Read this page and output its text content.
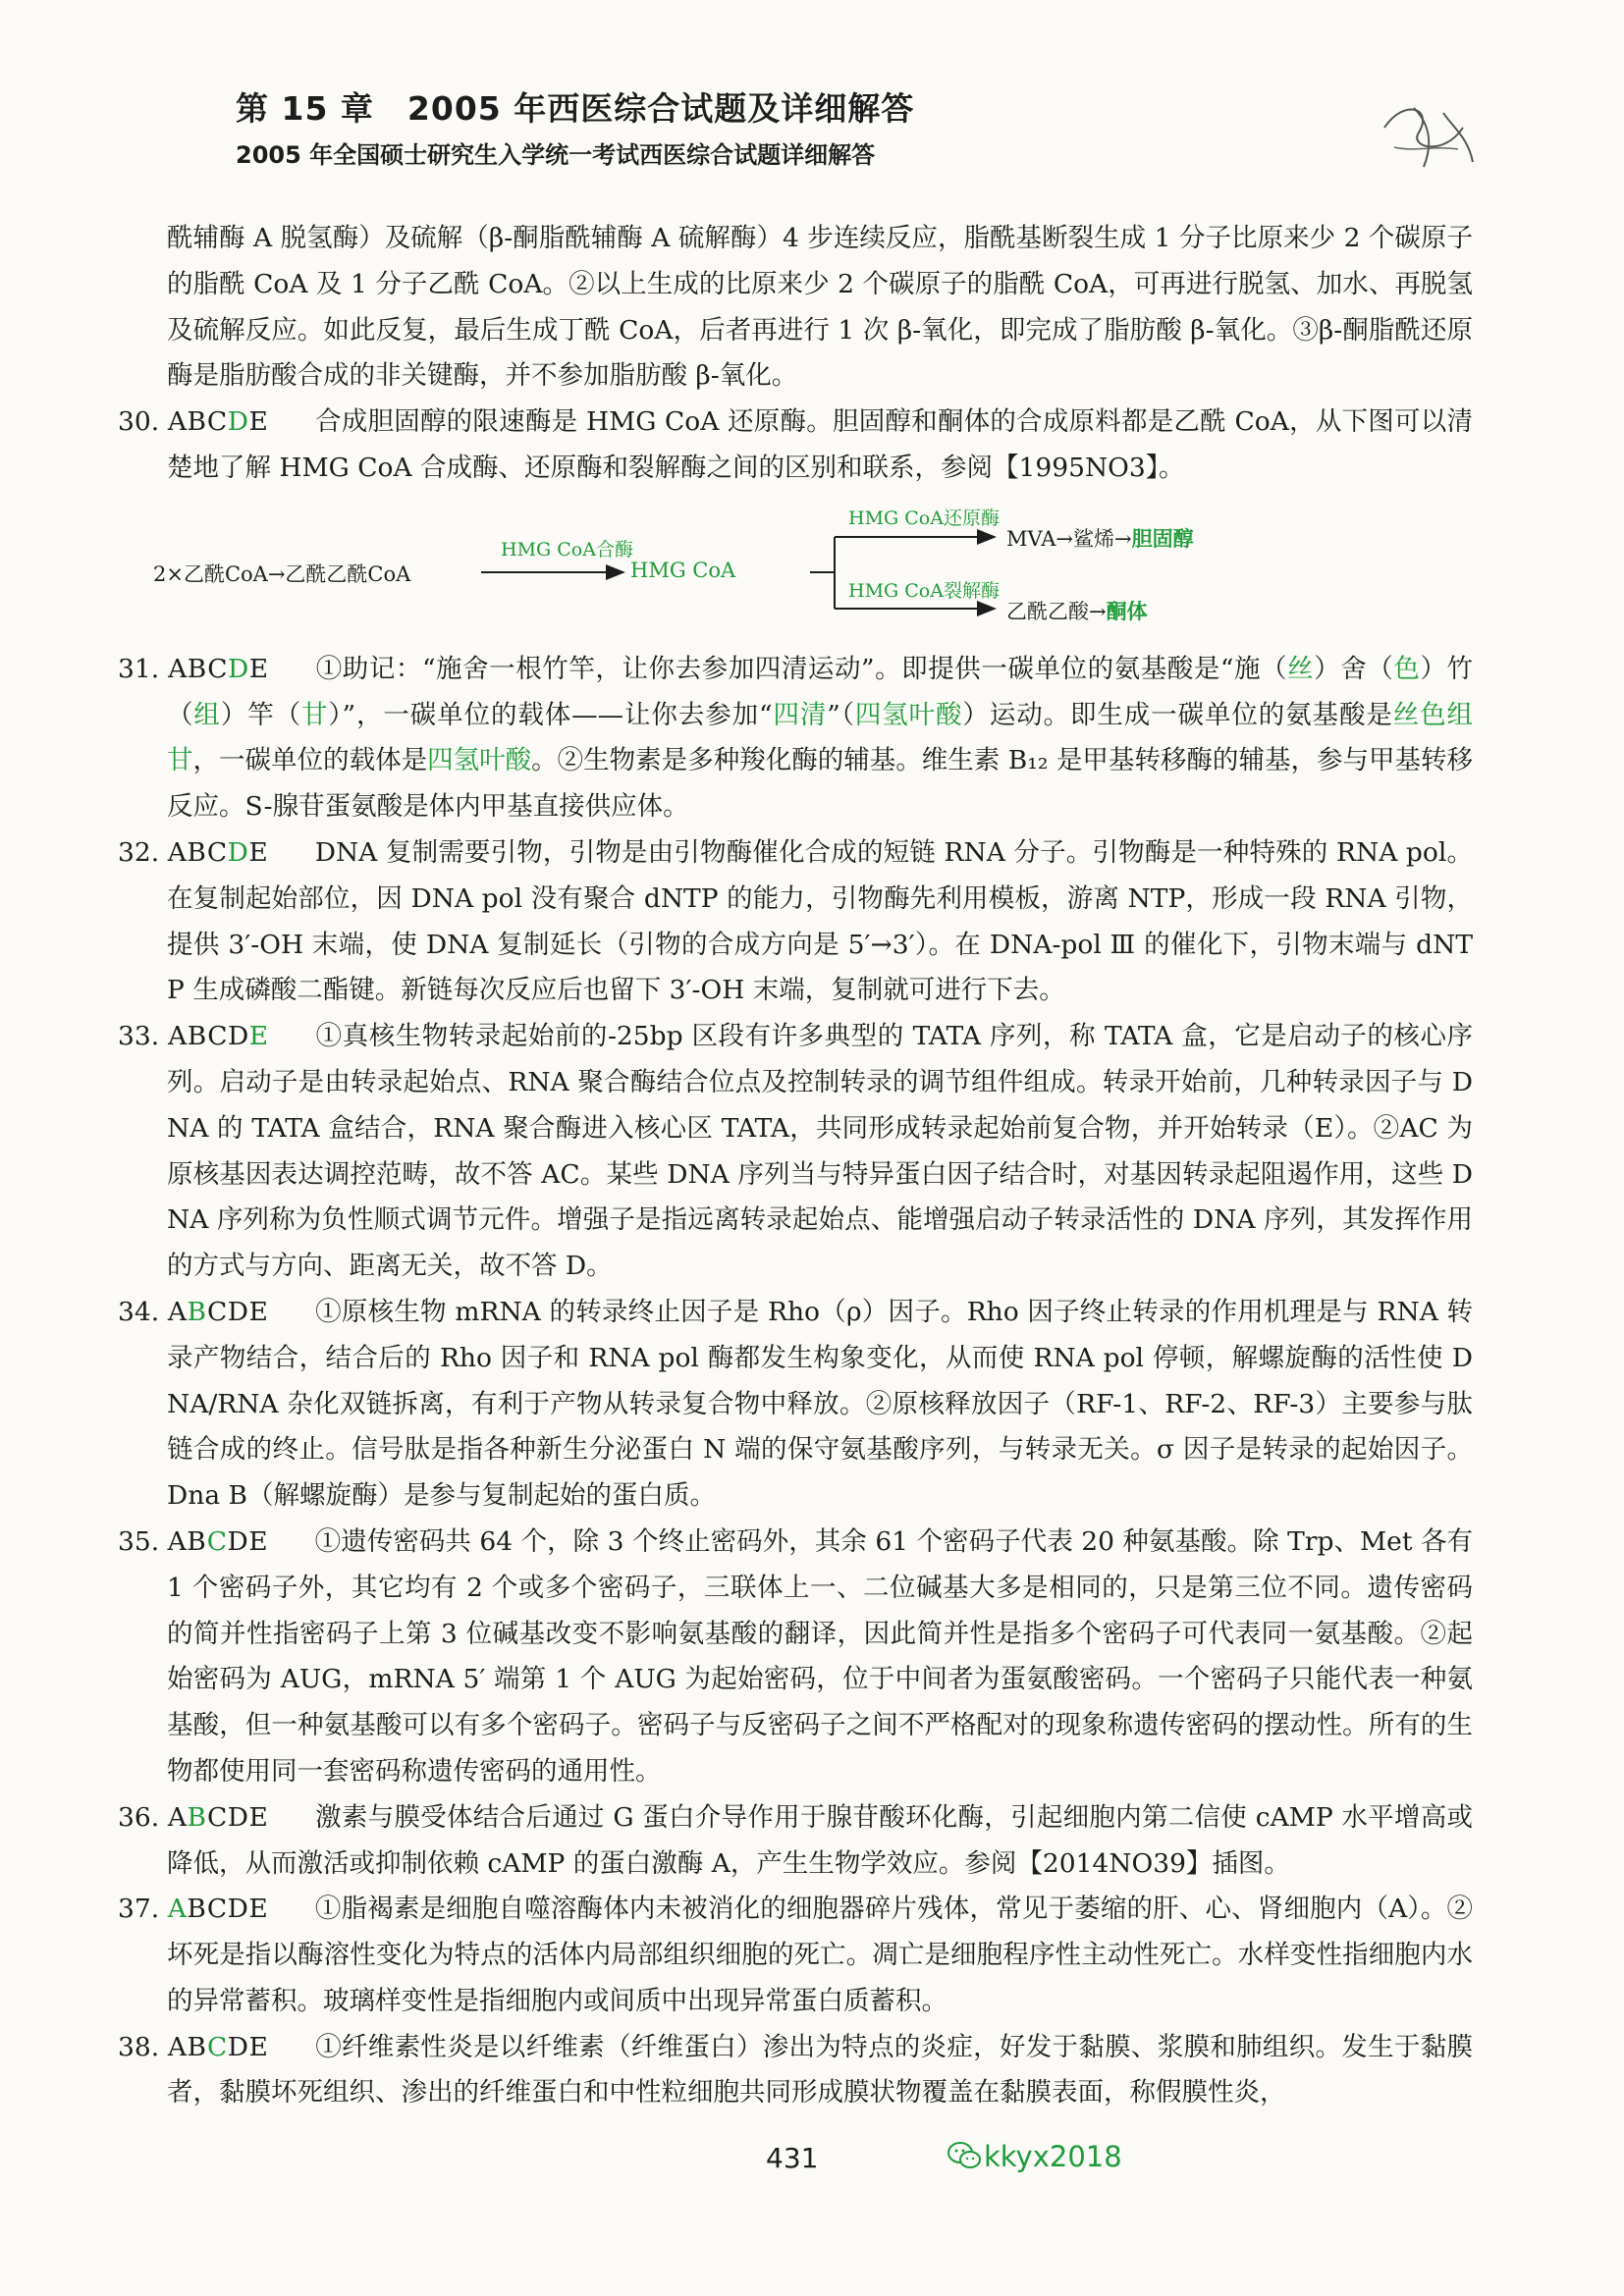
第 15 章 2005 年西医综合试题及详细解答
2005 年全国硕士研究生入学统一考试西医综合试题详细解答
酰辅酶 A 脱氢酶）及硫解（β-酮脂酰辅酶 A 硫解酶）4 步连续反应，脂酰基断裂生成 1 分子比原来少 2 个碳原子的脂酰 CoA 及 1 分子乙酰 CoA。②以上生成的比原来少 2 个碳原子的脂酰 CoA，可再进行脱氢、加水、再脱氢及硫解反应。如此反复，最后生成丁酰 CoA，后者再进行 1 次 β-氧化，即完成了脂肪酸 β-氧化。③β-酮脂酰还原酶是脂肪酸合成的非关键酶，并不参加脂肪酸 β-氧化。
30. ABCDE 合成胆固醇的限速酶是 HMG CoA 还原酶。胆固醇和酮体的合成原料都是乙酰 CoA，从下图可以清楚地了解 HMG CoA 合成酶、还原酶和裂解酶之间的区别和联系，参阅【1995NO3】。
2×乙酰CoA→乙酰乙酰CoA
HMG CoA合酶
HMG CoA
HMG CoA还原酶
HMG CoA裂解酶
MVA→鲨烯→胆固醇
乙酰乙酸→酮体
31. ABCDE ①助记：“施舍一根竹竿，让你去参加四清运动”。即提供一碳单位的氨基酸是“施（丝）舍（色）竹（组）竿（甘）”，一碳单位的载体——让你去参加“四清”（四氢叶酸）运动。即生成一碳单位的氨基酸是丝色组甘，一碳单位的载体是四氢叶酸。②生物素是多种羧化酶的辅基。维生素 B₁₂ 是甲基转移酶的辅基，参与甲基转移反应。S-腺苷蛋氨酸是体内甲基直接供应体。
32. ABCDE DNA 复制需要引物，引物是由引物酶催化合成的短链 RNA 分子。引物酶是一种特殊的 RNA pol。在复制起始部位，因 DNA pol 没有聚合 dNTP 的能力，引物酶先利用模板，游离 NTP，形成一段 RNA 引物，提供 3′-OH 末端，使 DNA 复制延长（引物的合成方向是 5′→3′）。在 DNA-pol Ⅲ 的催化下，引物末端与 dNTP 生成磷酸二酯键。新链每次反应后也留下 3′-OH 末端，复制就可进行下去。
33. ABCDE ①真核生物转录起始前的-25bp 区段有许多典型的 TATA 序列，称 TATA 盒，它是启动子的核心序列。启动子是由转录起始点、RNA 聚合酶结合位点及控制转录的调节组件组成。转录开始前，几种转录因子与 DNA 的 TATA 盒结合，RNA 聚合酶进入核心区 TATA，共同形成转录起始前复合物，并开始转录（E）。②AC 为原核基因表达调控范畴，故不答 AC。某些 DNA 序列当与特异蛋白因子结合时，对基因转录起阻遏作用，这些 DNA 序列称为负性顺式调节元件。增强子是指远离转录起始点、能增强启动子转录活性的 DNA 序列，其发挥作用的方式与方向、距离无关，故不答 D。
34. ABCDE ①原核生物 mRNA 的转录终止因子是 Rho（ρ）因子。Rho 因子终止转录的作用机理是与 RNA 转录产物结合，结合后的 Rho 因子和 RNA pol 酶都发生构象变化，从而使 RNA pol 停顿，解螺旋酶的活性使 DNA/RNA 杂化双链拆离，有利于产物从转录复合物中释放。②原核释放因子（RF-1、RF-2、RF-3）主要参与肽链合成的终止。信号肽是指各种新生分泌蛋白 N 端的保守氨基酸序列，与转录无关。σ 因子是转录的起始因子。Dna B（解螺旋酶）是参与复制起始的蛋白质。
35. ABCDE ①遗传密码共 64 个，除 3 个终止密码外，其余 61 个密码子代表 20 种氨基酸。除 Trp、Met 各有 1 个密码子外，其它均有 2 个或多个密码子，三联体上一、二位碱基大多是相同的，只是第三位不同。遗传密码的简并性指密码子上第 3 位碱基改变不影响氨基酸的翻译，因此简并性是指多个密码子可代表同一氨基酸。②起始密码为 AUG，mRNA 5′ 端第 1 个 AUG 为起始密码，位于中间者为蛋氨酸密码。一个密码子只能代表一种氨基酸，但一种氨基酸可以有多个密码子。密码子与反密码子之间不严格配对的现象称遗传密码的摆动性。所有的生物都使用同一套密码称遗传密码的通用性。
36. ABCDE 激素与膜受体结合后通过 G 蛋白介导作用于腺苷酸环化酶，引起细胞内第二信使 cAMP 水平增高或降低，从而激活或抑制依赖 cAMP 的蛋白激酶 A，产生生物学效应。参阅【2014NO39】插图。
37. ABCDE ①脂褐素是细胞自噬溶酶体内未被消化的细胞器碎片残体，常见于萎缩的肝、心、肾细胞内（A）。②坏死是指以酶溶性变化为特点的活体内局部组织细胞的死亡。凋亡是细胞程序性主动性死亡。水样变性指细胞内水的异常蓄积。玻璃样变性是指细胞内或间质中出现异常蛋白质蓄积。
38. ABCDE ①纤维素性炎是以纤维素（纤维蛋白）渗出为特点的炎症，好发于黏膜、浆膜和肺组织。发生于黏膜者，黏膜坏死组织、渗出的纤维蛋白和中性粒细胞共同形成膜状物覆盖在黏膜表面，称假膜性炎，
431	kkyx2018
